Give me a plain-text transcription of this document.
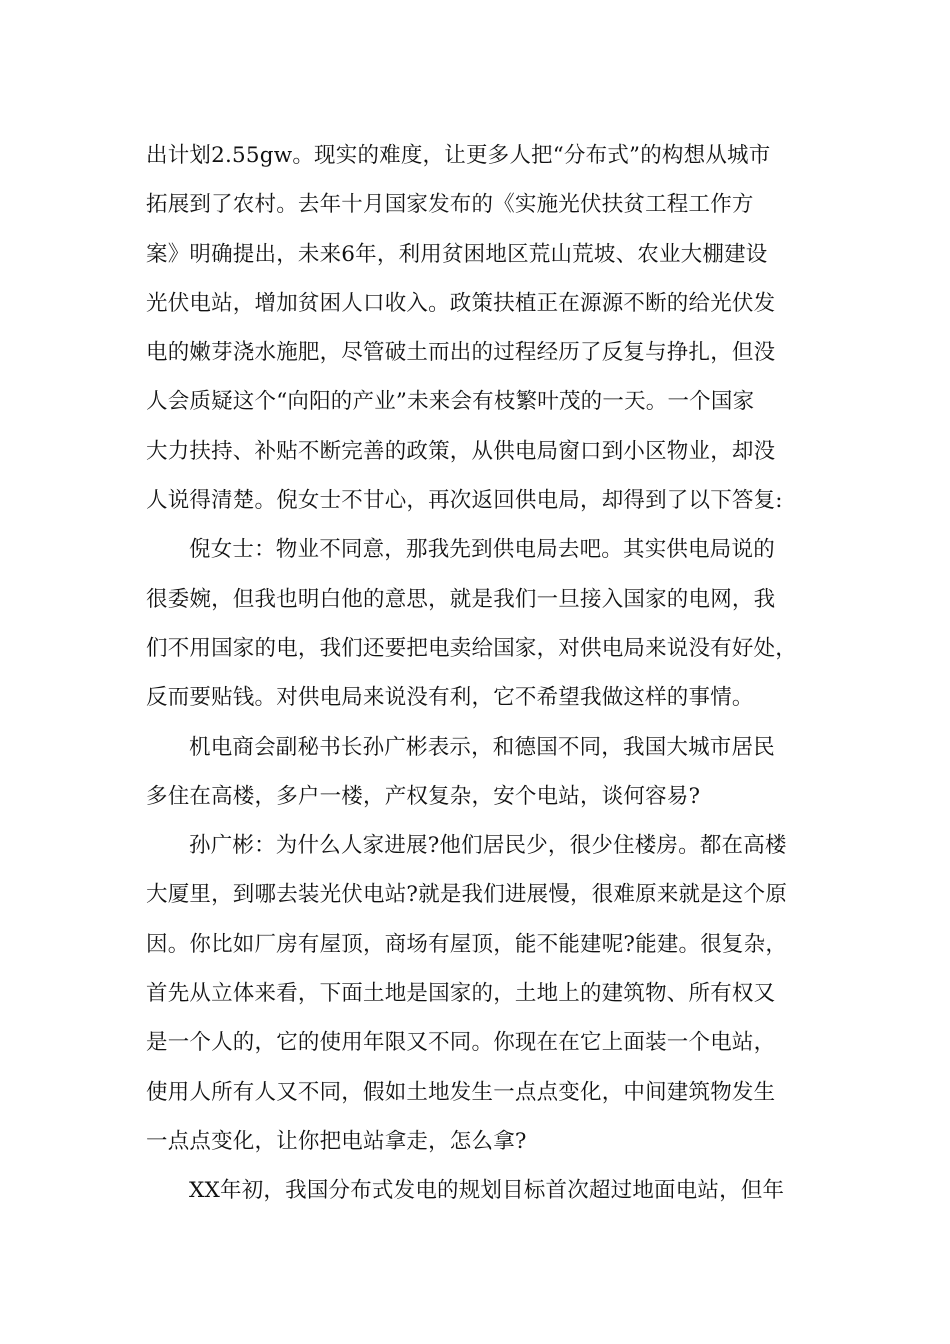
出计划2.55gw。现实的难度，让更多人把“分布式”的构想从城市
拓展到了农村。去年十月国家发布的《实施光伏扶贫工程工作方
案》明确提出，未来6年，利用贫困地区荒山荒坡、农业大棚建设
光伏电站，增加贫困人口收入。政策扶植正在源源不断的给光伏发
电的嫩芽浇水施肥，尽管破土而出的过程经历了反复与挣扎，但没
人会质疑这个“向阳的产业”未来会有枝繁叶茂的一天。一个国家
大力扶持、补贴不断完善的政策，从供电局窗口到小区物业，却没
人说得清楚。倪女士不甘心，再次返回供电局，却得到了以下答复:
倪女士：物业不同意，那我先到供电局去吧。其实供电局说的
很委婉，但我也明白他的意思，就是我们一旦接入国家的电网，我
们不用国家的电，我们还要把电卖给国家，对供电局来说没有好处，
反而要贴钱。对供电局来说没有利，它不希望我做这样的事情。
机电商会副秘书长孙广彬表示，和德国不同，我国大城市居民
多住在高楼，多户一楼，产权复杂，安个电站，谈何容易?
孙广彬：为什么人家进展?他们居民少，很少住楼房。都在高楼
大厦里，到哪去装光伏电站?就是我们进展慢，很难原来就是这个原
因。你比如厂房有屋顶，商场有屋顶，能不能建呢?能建。很复杂，
首先从立体来看，下面土地是国家的，土地上的建筑物、所有权又
是一个人的，它的使用年限又不同。你现在在它上面装一个电站，
使用人所有人又不同，假如土地发生一点点变化，中间建筑物发生
一点点变化，让你把电站拿走，怎么拿?
XX年初，我国分布式发电的规划目标首次超过地面电站，但年
